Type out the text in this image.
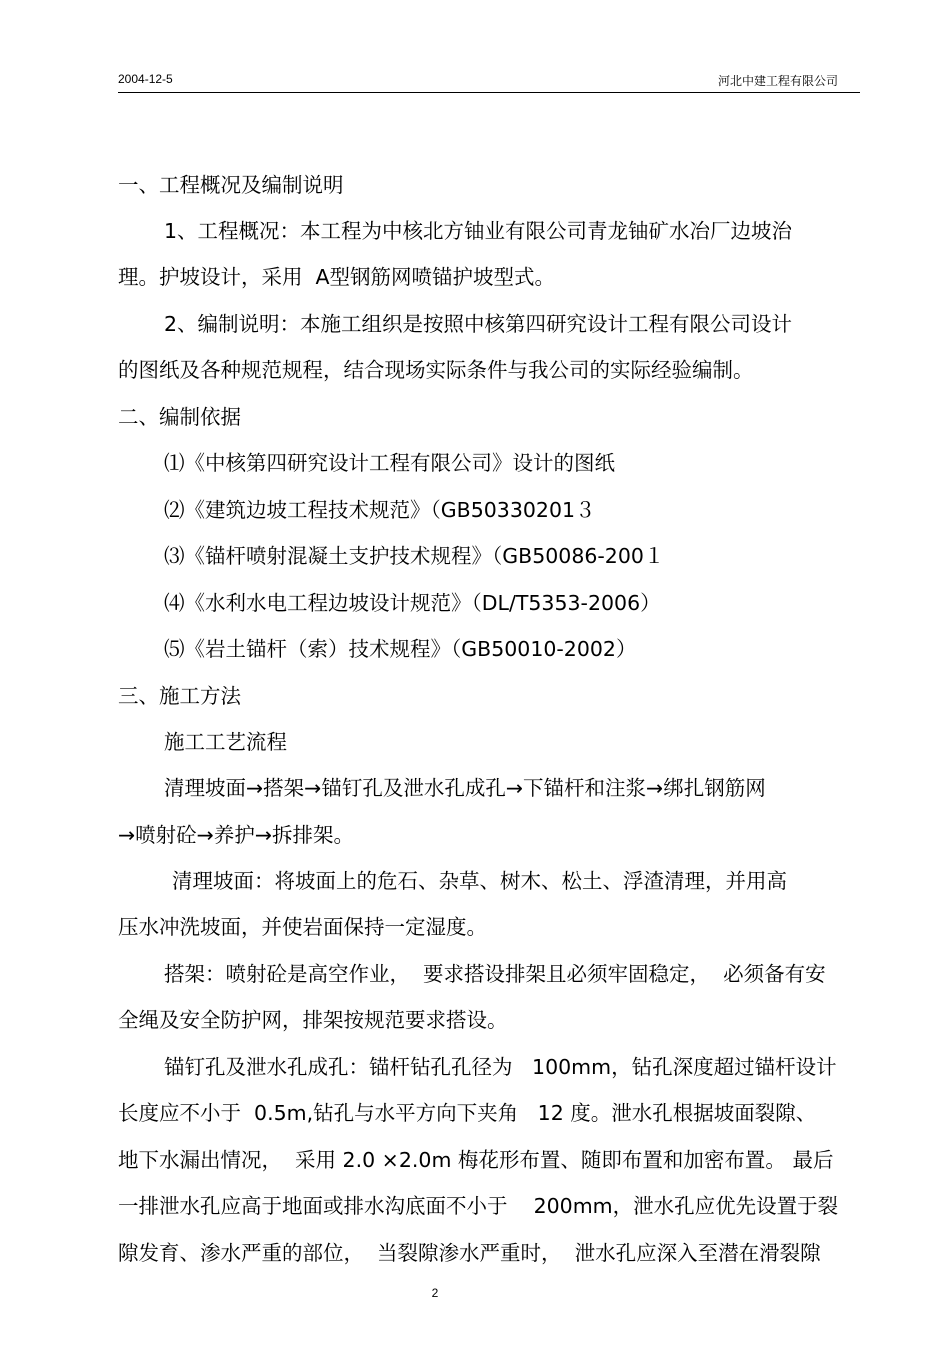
2004-12-5	河北中建工程有限公司
一、工程概况及编制说明
1、工程概况：本工程为中核北方铀业有限公司青龙铀矿水冶厂边坡治
理。护坡设计，采用  A型钢筋网喷锚护坡型式。
2、编制说明：本施工组织是按照中核第四研究设计工程有限公司设计
的图纸及各种规范规程，结合现场实际条件与我公司的实际经验编制。
二、编制依据
⑴《中核第四研究设计工程有限公司》设计的图纸
⑵《建筑边坡工程技术规范》（GB50330201３
⑶《锚杆喷射混凝土支护技术规程》（GB50086-200１
⑷《水利水电工程边坡设计规范》（DL/T5353-2006）
⑸《岩土锚杆（索）技术规程》（GB50010-2002）
三、施工方法
施工工艺流程
清理坡面→搭架→锚钉孔及泄水孔成孔→下锚杆和注浆→绑扎钢筋网
→喷射砼→养护→拆排架。
清理坡面：将坡面上的危石、杂草、树木、松土、浮渣清理，并用高
压水冲洗坡面，并使岩面保持一定湿度。
搭架：喷射砼是高空作业，  要求搭设排架且必须牢固稳定，  必须备有安
全绳及安全防护网，排架按规范要求搭设。
锚钉孔及泄水孔成孔：锚杆钻孔孔径为   100mm，钻孔深度超过锚杆设计
长度应不小于  0.5m,钻孔与水平方向下夹角   12 度。泄水孔根据坡面裂隙、
地下水漏出情况，  采用 2.0 ×2.0m 梅花形布置、随即布置和加密布置。 最后
一排泄水孔应高于地面或排水沟底面不小于    200mm，泄水孔应优先设置于裂
隙发育、渗水严重的部位，  当裂隙渗水严重时，  泄水孔应深入至潜在滑裂隙
2
